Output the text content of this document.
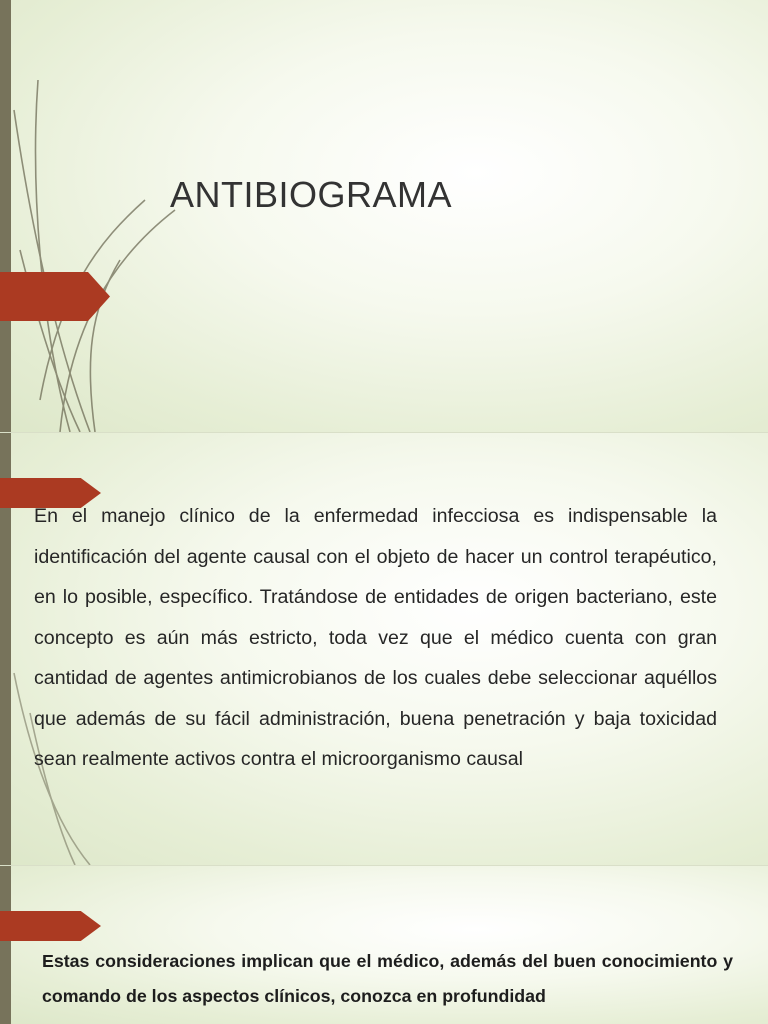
ANTIBIOGRAMA

En el manejo clínico de la enfermedad infecciosa es indispensable la identificación del agente causal con el objeto de hacer un control terapéutico, en lo posible, específico. Tratándose de entidades de origen bacteriano, este concepto es aún más estricto, toda vez que el médico cuenta con gran cantidad de agentes antimicrobianos de los cuales debe seleccionar aquéllos que además de su fácil administración, buena penetración y baja toxicidad sean realmente activos contra el microorganismo causal

Estas consideraciones implican que el médico, además del buen conocimiento y comando de los aspectos clínicos, conozca en profundidad
